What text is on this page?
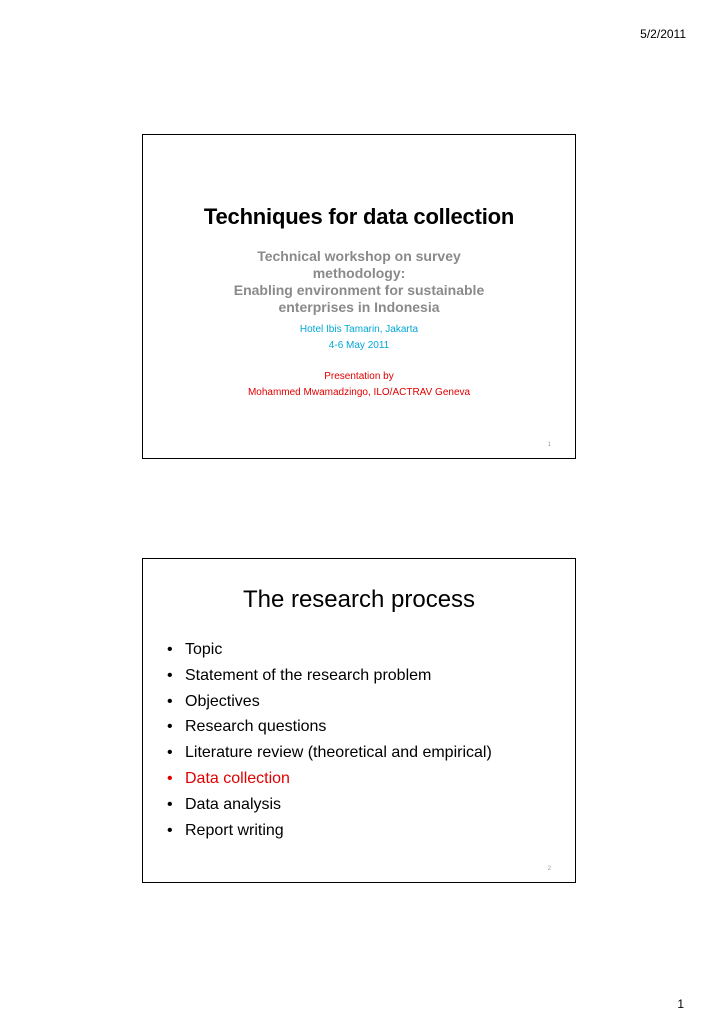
5/2/2011
Techniques for data collection
Technical workshop on survey
methodology:
Enabling environment for sustainable
enterprises in Indonesia
Hotel Ibis Tamarin, Jakarta
4-6 May 2011
Presentation by
Mohammed Mwamadzingo, ILO/ACTRAV Geneva
1
The research process
• Topic
• Statement of the research problem
• Objectives
• Research questions
• Literature review (theoretical and empirical)
• Data collection
• Data analysis
• Report writing
2
1
